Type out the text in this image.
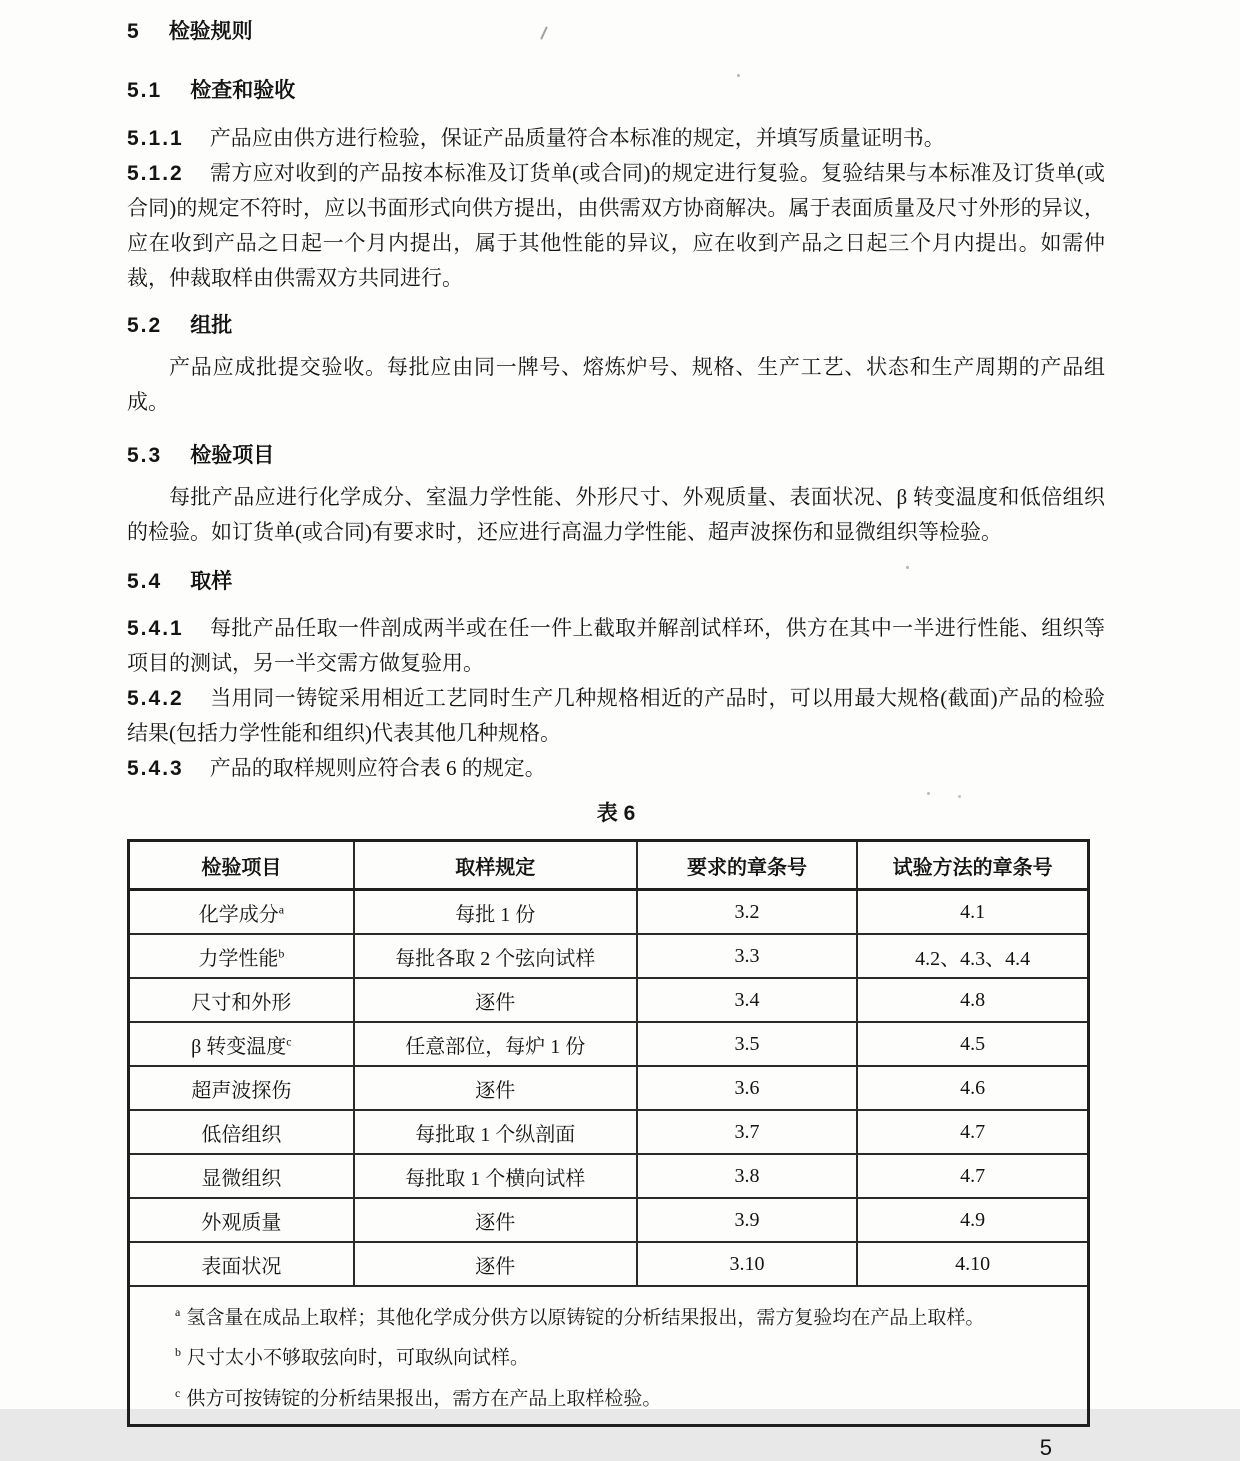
5 检验规则
5.1 检查和验收

5.1.1 产品应由供方进行检验，保证产品质量符合本标准的规定，并填写质量证明书。

5.1.2 需方应对收到的产品按本标准及订货单(或合同)的规定进行复验。复验结果与本标准及订货单(或合同)的规定不符时，应以书面形式向供方提出，由供需双方协商解决。属于表面质量及尺寸外形的异议，应在收到产品之日起一个月内提出，属于其他性能的异议，应在收到产品之日起三个月内提出。如需仲裁，仲裁取样由供需双方共同进行。

5.2 组批

产品应成批提交验收。每批应由同一牌号、熔炼炉号、规格、生产工艺、状态和生产周期的产品组成。

5.3 检验项目

每批产品应进行化学成分、室温力学性能、外形尺寸、外观质量、表面状况、β 转变温度和低倍组织的检验。如订货单(或合同)有要求时，还应进行高温力学性能、超声波探伤和显微组织等检验。

5.4 取样

5.4.1 每批产品任取一件剖成两半或在任一件上截取并解剖试样环，供方在其中一半进行性能、组织等项目的测试，另一半交需方做复验用。

5.4.2 当用同一铸锭采用相近工艺同时生产几种规格相近的产品时，可以用最大规格(截面)产品的检验结果(包括力学性能和组织)代表其他几种规格。

5.4.3 产品的取样规则应符合表 6 的规定。

表 6
检验项目	取样规定	要求的章条号	试验方法的章条号
化学成分$^a$	每批 1 份	3.2	4.1
力学性能$^b$	每批各取 2 个弦向试样	3.3	4.2、4.3、4.4
尺寸和外形	逐件	3.4	4.8
β 转变温度$^c$	任意部位，每炉 1 份	3.5	4.5
超声波探伤	逐件	3.6	4.6
低倍组织	每批取 1 个纵剖面	3.7	4.7
显微组织	每批取 1 个横向试样	3.8	4.7
外观质量	逐件	3.9	4.9
表面状况	逐件	3.10	4.10

$^a$ 氢含量在成品上取样；其他化学成分供方以原铸锭的分析结果报出，需方复验均在产品上取样。
$^b$ 尺寸太小不够取弦向时，可取纵向试样。
$^c$ 供方可按铸锭的分析结果报出，需方在产品上取样检验。			
5
